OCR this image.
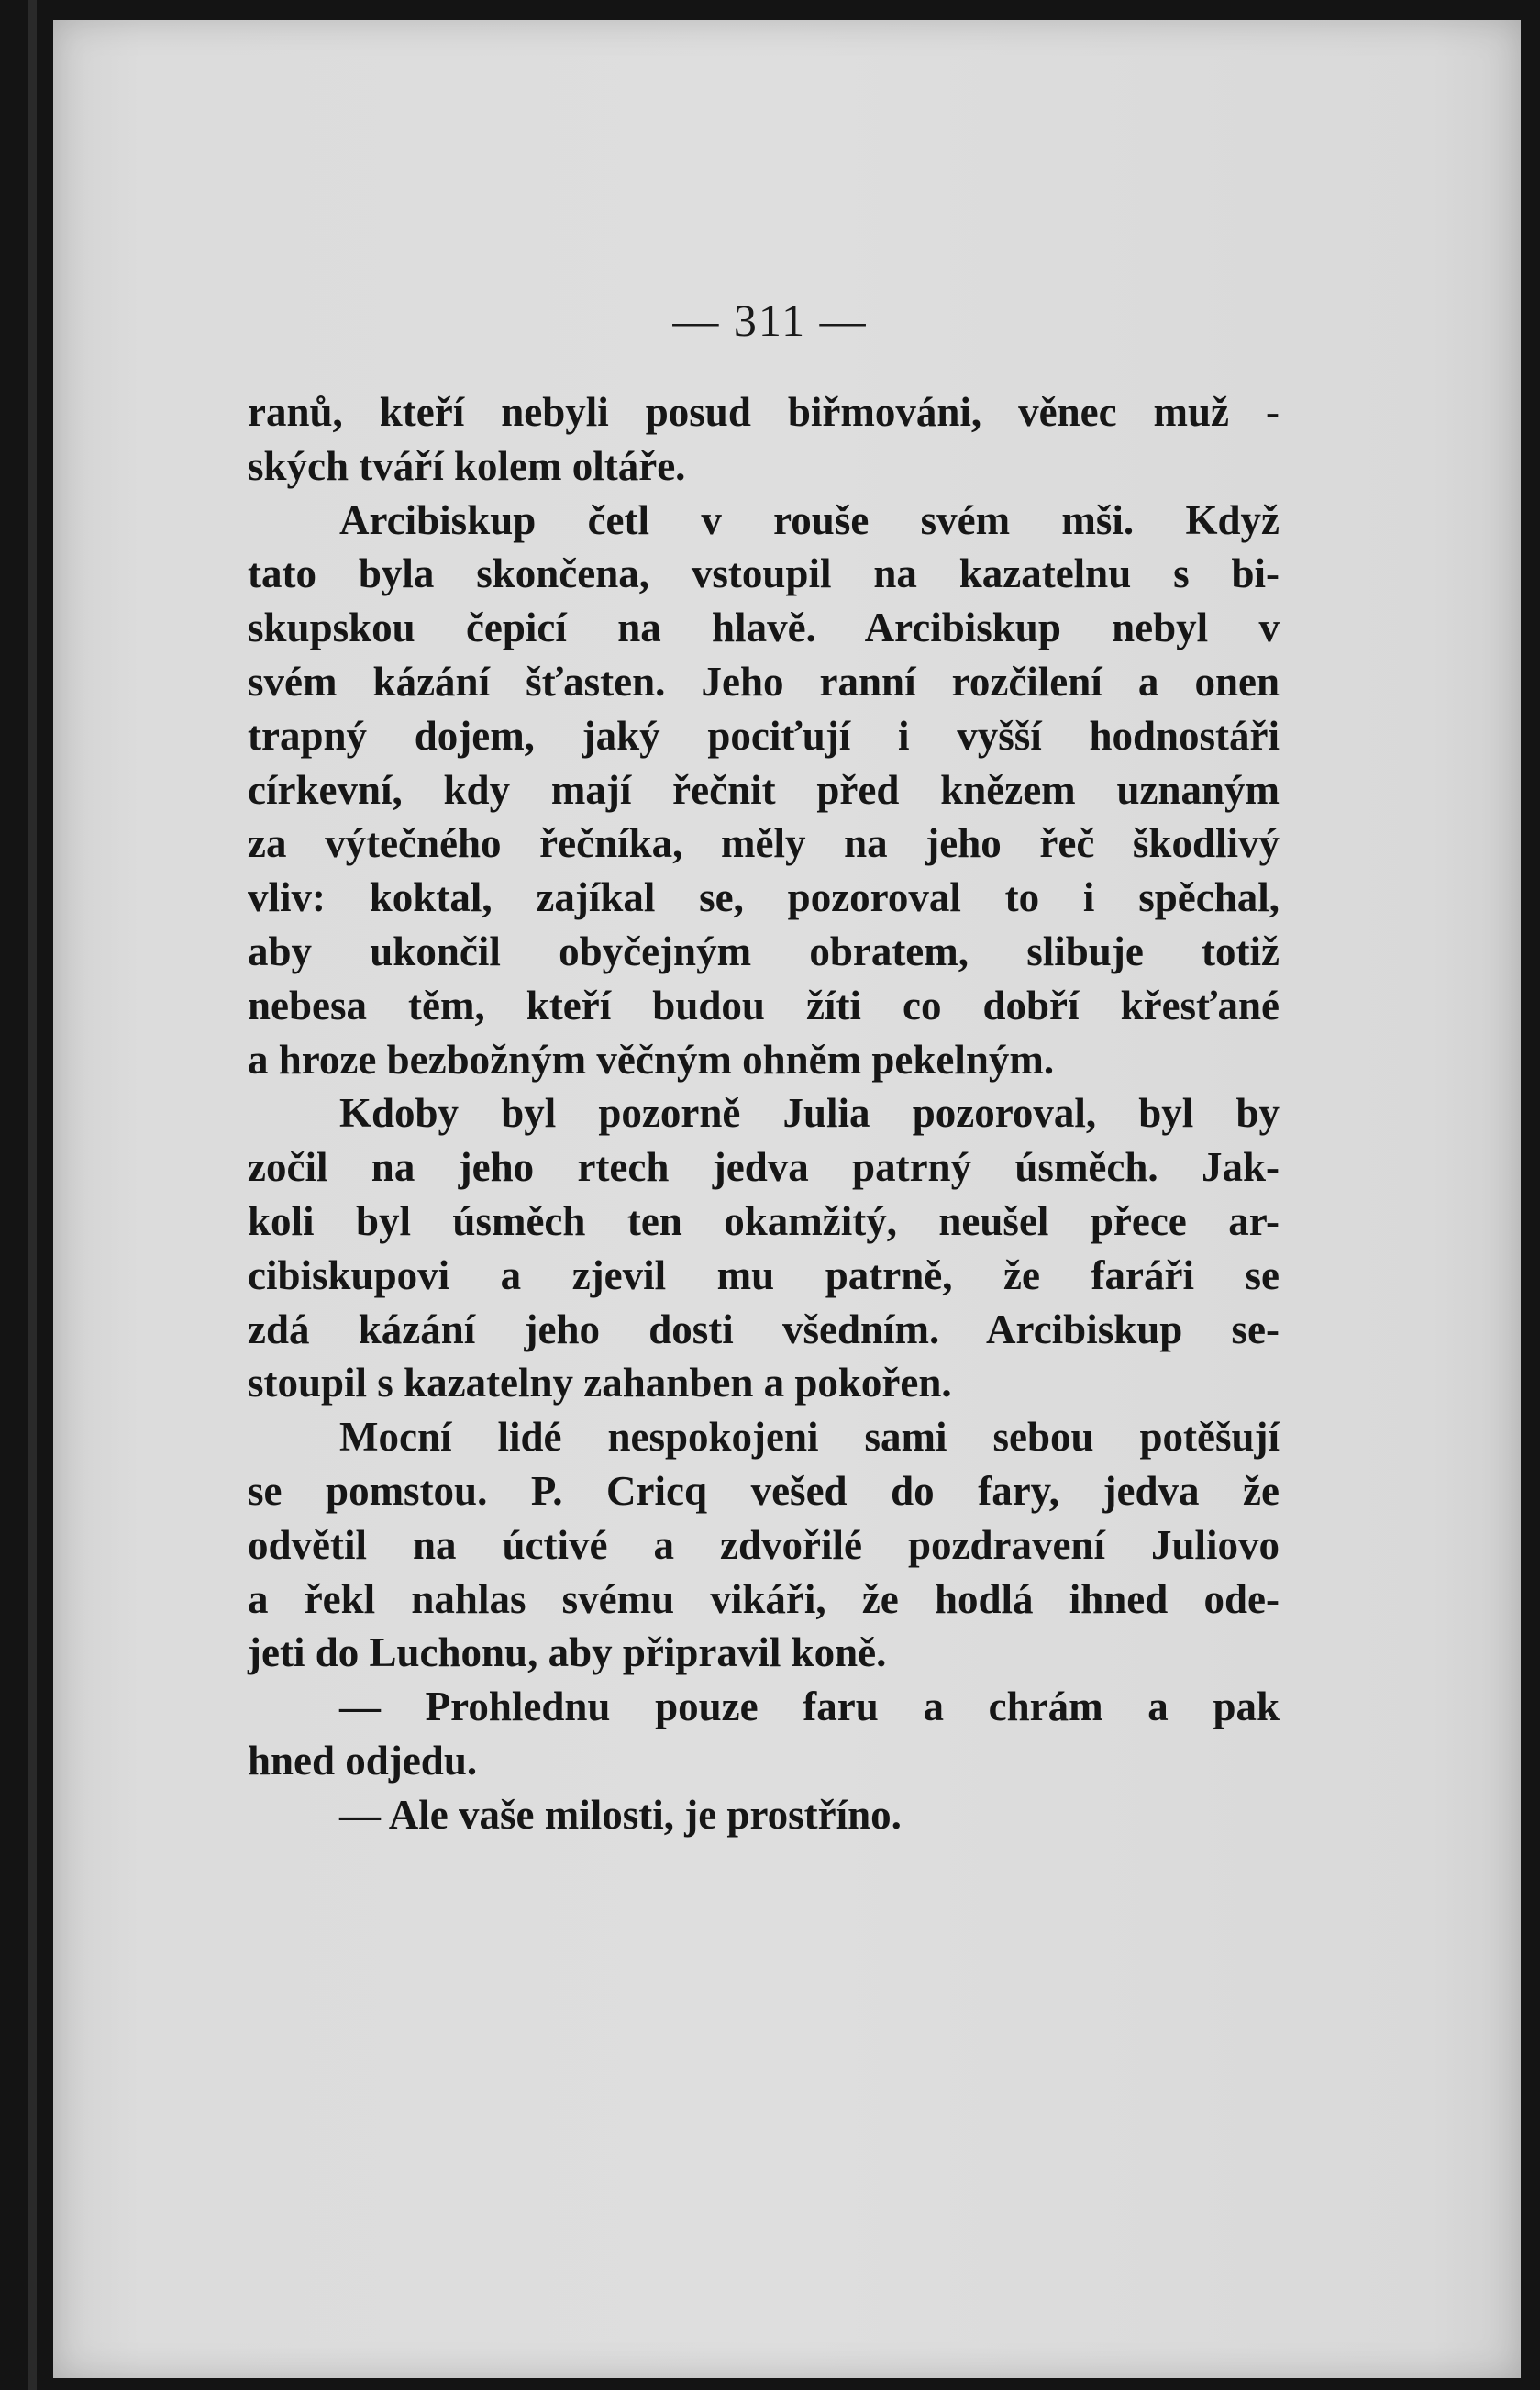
— 311 —
ranů, kteří nebyli posud biřmováni, věnec muž -
ských tváří kolem oltáře.
Arcibiskup četl v rouše svém mši. Když
tato byla skončena, vstoupil na kazatelnu s bi-
skupskou čepicí na hlavě. Arcibiskup nebyl v
svém kázání šťasten. Jeho ranní rozčilení a onen
trapný dojem, jaký pociťují i vyšší hodnostáři
církevní, kdy mají řečnit před knězem uznaným
za výtečného řečníka, měly na jeho řeč škodlivý
vliv: koktal, zajíkal se, pozoroval to i spěchal,
aby ukončil obyčejným obratem, slibuje totiž
nebesa těm, kteří budou žíti co dobří křesťané
a hroze bezbožným věčným ohněm pekelným.
Kdoby byl pozorně Julia pozoroval, byl by
zočil na jeho rtech jedva patrný úsměch. Jak-
koli byl úsměch ten okamžitý, neušel přece ar-
cibiskupovi a zjevil mu patrně, že faráři se
zdá kázání jeho dosti všedním. Arcibiskup se-
stoupil s kazatelny zahanben a pokořen.
Mocní lidé nespokojeni sami sebou potěšují
se pomstou. P. Cricq vešed do fary, jedva že
odvětil na úctivé a zdvořilé pozdravení Juliovo
a řekl nahlas svému vikáři, že hodlá ihned ode-
jeti do Luchonu, aby připravil koně.
— Prohlednu pouze faru a chrám a pak
hned odjedu.
— Ale vaše milosti, je prostříno.
